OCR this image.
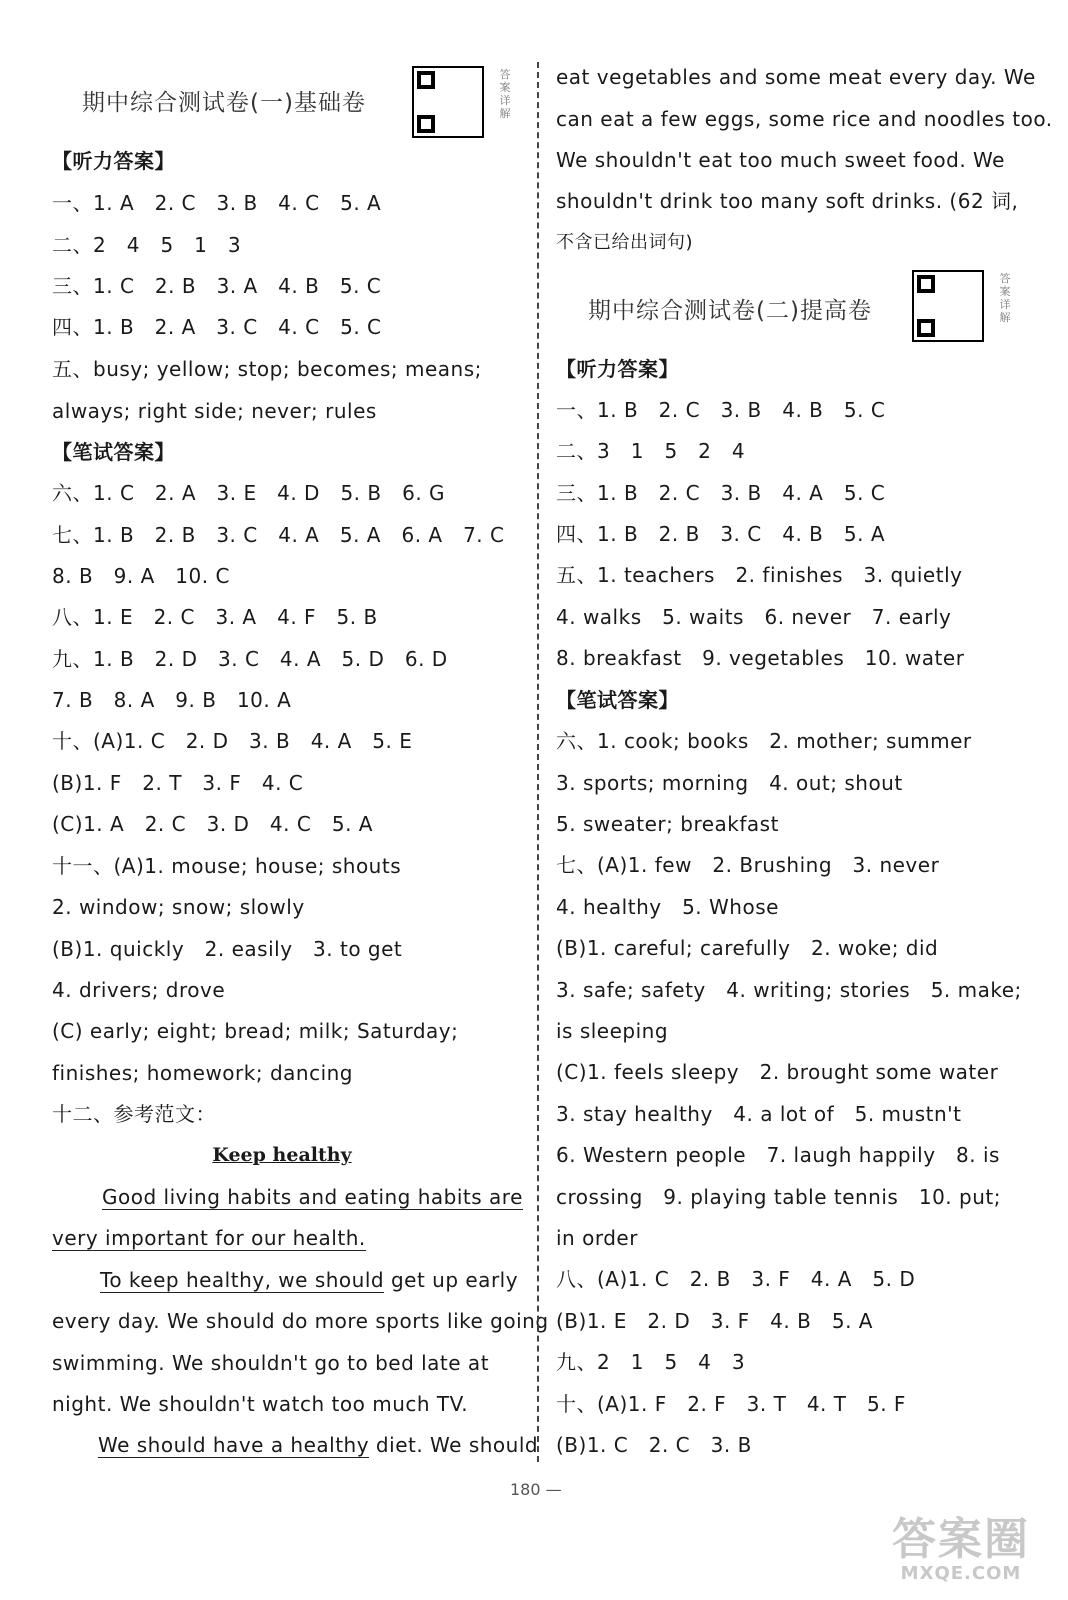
期中综合测试卷(一)基础卷
答案详解
【听力答案】
一、1. A　2. C　3. B　4. C　5. A
二、2　4　5　1　3
三、1. C　2. B　3. A　4. B　5. C
四、1. B　2. A　3. C　4. C　5. C
五、busy; yellow; stop; becomes; means;
always; right side; never; rules
【笔试答案】
六、1. C　2. A　3. E　4. D　5. B　6. G
七、1. B　2. B　3. C　4. A　5. A　6. A　7. C
8. B　9. A　10. C
八、1. E　2. C　3. A　4. F　5. B
九、1. B　2. D　3. C　4. A　5. D　6. D
7. B　8. A　9. B　10. A
十、(A)1. C　2. D　3. B　4. A　5. E
(B)1. F　2. T　3. F　4. C
(C)1. A　2. C　3. D　4. C　5. A
十一、(A)1. mouse; house; shouts
2. window; snow; slowly
(B)1. quickly　2. easily　3. to get
4. drivers; drove
(C) early; eight; bread; milk; Saturday;
finishes; homework; dancing
十二、参考范文：
Keep healthy
Good living habits and eating habits are
very important for our health.
To keep healthy, we should get up early
every day. We should do more sports like going
swimming. We shouldn't go to bed late at
night. We shouldn't watch too much TV.
We should have a healthy diet. We should
eat vegetables and some meat every day. We
can eat a few eggs, some rice and noodles too.
We shouldn't eat too much sweet food. We
shouldn't drink too many soft drinks. (62 词,
不含已给出词句)
期中综合测试卷(二)提高卷
答案详解
【听力答案】
一、1. B　2. C　3. B　4. B　5. C
二、3　1　5　2　4
三、1. B　2. C　3. B　4. A　5. C
四、1. B　2. B　3. C　4. B　5. A
五、1. teachers　2. finishes　3. quietly
4. walks　5. waits　6. never　7. early
8. breakfast　9. vegetables　10. water
【笔试答案】
六、1. cook; books　2. mother; summer
3. sports; morning　4. out; shout
5. sweater; breakfast
七、(A)1. few　2. Brushing　3. never
4. healthy　5. Whose
(B)1. careful; carefully　2. woke; did
3. safe; safety　4. writing; stories　5. make;
is sleeping
(C)1. feels sleepy　2. brought some water
3. stay healthy　4. a lot of　5. mustn't
6. Western people　7. laugh happily　8. is
crossing　9. playing table tennis　10. put;
in order
八、(A)1. C　2. B　3. F　4. A　5. D
(B)1. E　2. D　3. F　4. B　5. A
九、2　1　5　4　3
十、(A)1. F　2. F　3. T　4. T　5. F
(B)1. C　2. C　3. B
180 —
答案圈
MXQE.COM
